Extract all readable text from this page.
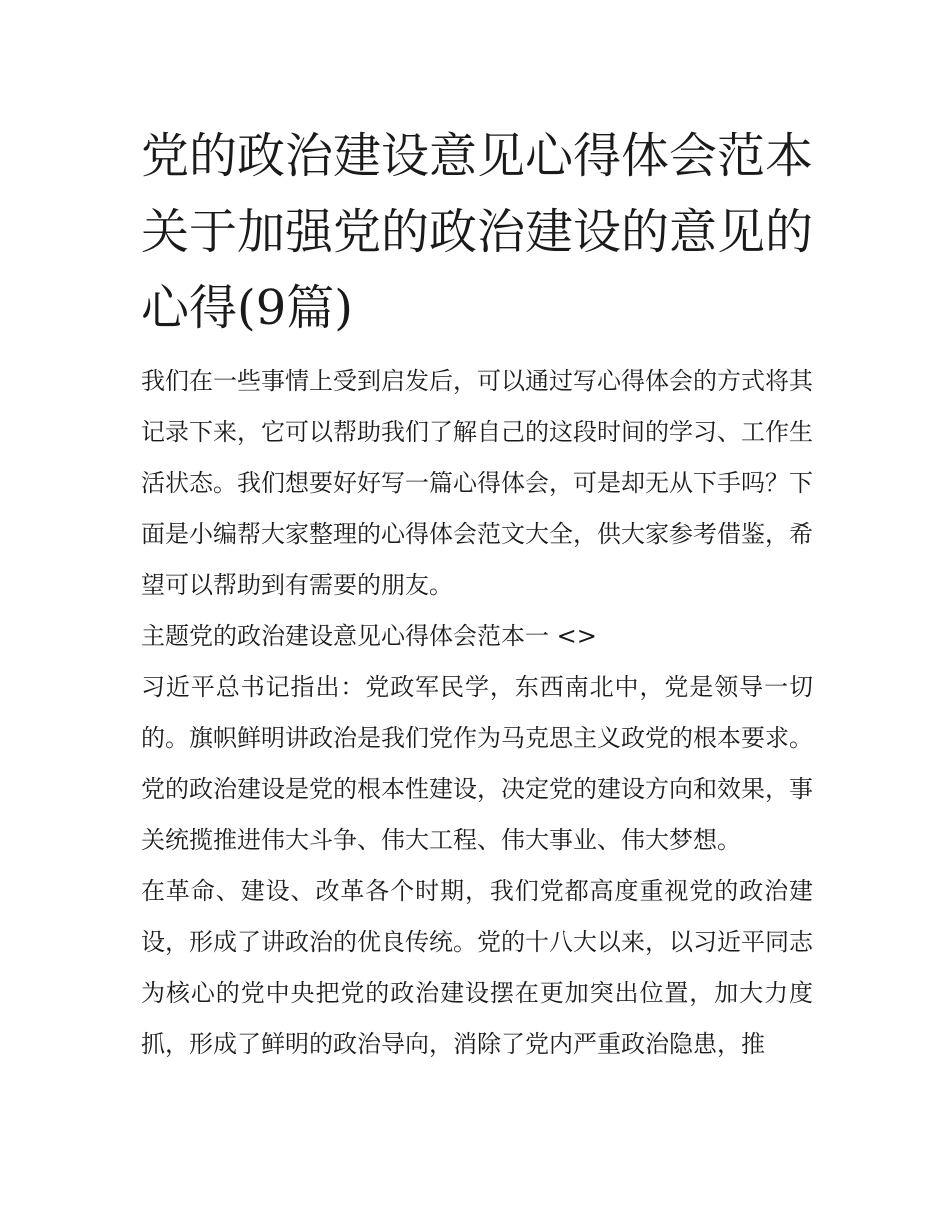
党的政治建设意见心得体会范本 关于加强党的政治建设的意见的心得(9篇)

我们在一些事情上受到启发后，可以通过写心得体会的方式将其记录下来，它可以帮助我们了解自己的这段时间的学习、工作生活状态。我们想要好好写一篇心得体会，可是却无从下手吗？下面是小编帮大家整理的心得体会范文大全，供大家参考借鉴，希望可以帮助到有需要的朋友。

主题党的政治建设意见心得体会范本一 <>

习近平总书记指出：党政军民学，东西南北中，党是领导一切的。旗帜鲜明讲政治是我们党作为马克思主义政党的根本要求。党的政治建设是党的根本性建设，决定党的建设方向和效果，事关统揽推进伟大斗争、伟大工程、伟大事业、伟大梦想。

在革命、建设、改革各个时期，我们党都高度重视党的政治建设，形成了讲政治的优良传统。党的十八大以来，以习近平同志为核心的党中央把党的政治建设摆在更加突出位置，加大力度抓，形成了鲜明的政治导向，消除了党内严重政治隐患，推
